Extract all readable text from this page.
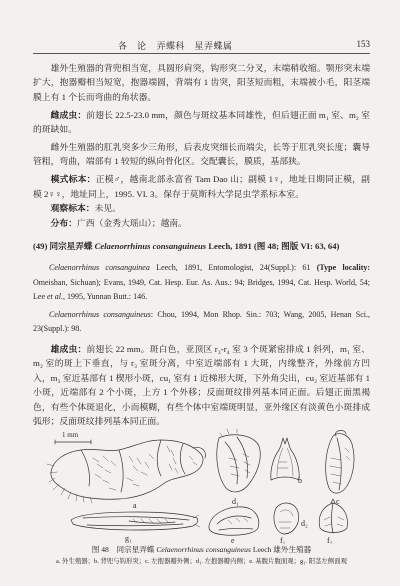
各　论 弄蝶科　星弄蝶属	153

雄外生殖器的背兜相当宽，具圆形肩突，钩形突二分叉，末端稍收缩。颚形突末端扩大，抱器瓣相当短宽，抱器端圆，背端有 1 齿突，阳茎短而粗，末端被小毛，阳茎端膜上有 1 个长而弯曲的角状器。

雌成虫：前翅长 22.5-23.0 mm，颜色与斑纹基本同雄性，但后翅正面 m₁ 室、m₂ 室的斑缺如。

雌外生殖器的肛乳突多少三角形，后表皮突细长而端尖，长等于肛乳突长度；囊导管粗，弯曲，端部有 1 较短的纵向骨化区。交配囊长，膜质，基部狭。

模式标本：正模♂，越南北部永富省 Tam Dao 山；副模 1♀，地址日期同正模，副模 2♀♀，地址同上，1995. VI. 3。保存于莫斯科大学昆虫学系标本室。

观察标本：未见。

分布：广西（金秀大瑶山）；越南。

(49) 同宗星弄蝶 Celaenorrhinus consanguineus Leech, 1891 (图 48; 图版 VI: 63, 64)

Celaenorrhinus consanguinea Leech, 1891, Entomologist, 24(Suppl.): 61 (Type locality: Omeishan, Sichuan); Evans, 1949, Cat. Hesp. Eur. As. Aus.: 94; Bridges, 1994, Cat. Hesp. World, 54; Lee et al., 1995, Yunnan Butt.: 146.

Celaenorrhinus consanguineus: Chou, 1994, Mon Rhop. Sin.: 703; Wang, 2005, Henan Sci., 23(Suppl.): 98.

雄成虫：前翅长 22 mm。斑白色，亚顶区 r₃-r₄ 室 3 个斑紧密排成 1 斜列，m₁ 室、m₂ 室的斑上下垂直，与 r₃ 室斑分离，中室近端部有 1 大斑，内缘整齐，外缘前方凹入，m₃ 室近基部有 1 楔形小斑，cu₁ 室有 1 近梯形大斑，下外角尖出，cu₂ 室近基部有 1 小斑，近端部有 2 个小斑，上方 1 个外移；反面斑纹排列基本同正面。后翅正面黑褐色，有些个体斑退化，小而模糊，有些个体中室端斑明显，亚外缘区有淡黄色小斑排成弧形；反面斑纹排列基本同正面。

1 mm
a	d₁
b
c
g₁	e
d₂
f₁	f₂
图 48　 同宗星弄蝶 Celaenorrhinus consanguineus Leech 雄外生殖器
a. 外生殖器；b. 背兜与钩形突；c. 左抱器瓣外侧；d₁. 左抱器瓣内侧；e. 基腹片腹面观；g₁. 阳茎左侧面观
